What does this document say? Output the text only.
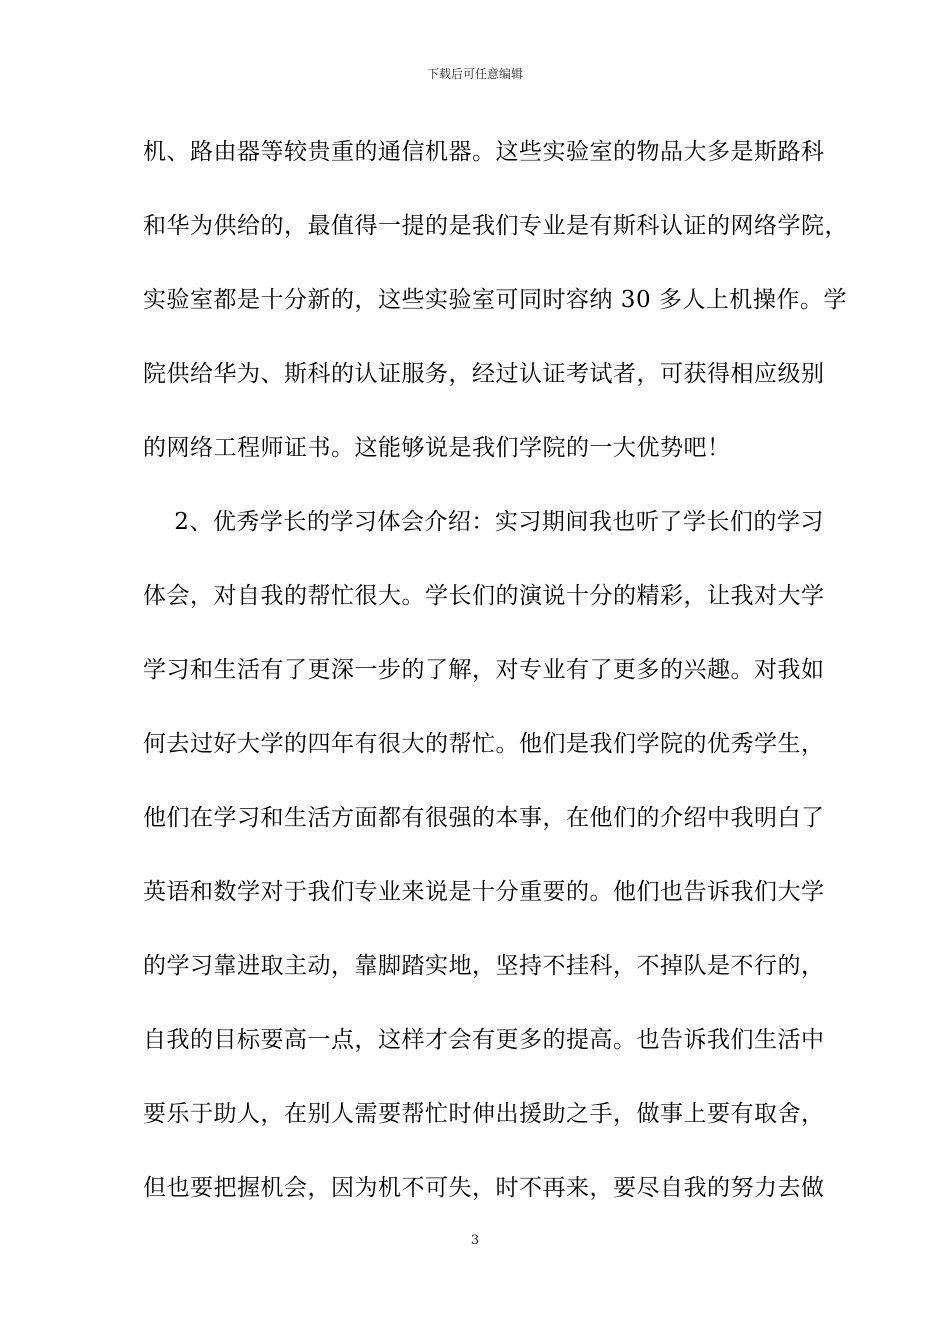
下载后可任意编辑
机、路由器等较贵重的通信机器。这些实验室的物品大多是斯路科
和华为供给的，最值得一提的是我们专业是有斯科认证的网络学院，
实验室都是十分新的，这些实验室可同时容纳 30 多人上机操作。学
院供给华为、斯科的认证服务，经过认证考试者，可获得相应级别
的网络工程师证书。这能够说是我们学院的一大优势吧！
2、优秀学长的学习体会介绍：实习期间我也听了学长们的学习
体会，对自我的帮忙很大。学长们的演说十分的精彩，让我对大学
学习和生活有了更深一步的了解，对专业有了更多的兴趣。对我如
何去过好大学的四年有很大的帮忙。他们是我们学院的优秀学生，
他们在学习和生活方面都有很强的本事，在他们的介绍中我明白了
英语和数学对于我们专业来说是十分重要的。他们也告诉我们大学
的学习靠进取主动，靠脚踏实地，坚持不挂科，不掉队是不行的，
自我的目标要高一点，这样才会有更多的提高。也告诉我们生活中
要乐于助人，在别人需要帮忙时伸出援助之手，做事上要有取舍，
但也要把握机会，因为机不可失，时不再来，要尽自我的努力去做
3
